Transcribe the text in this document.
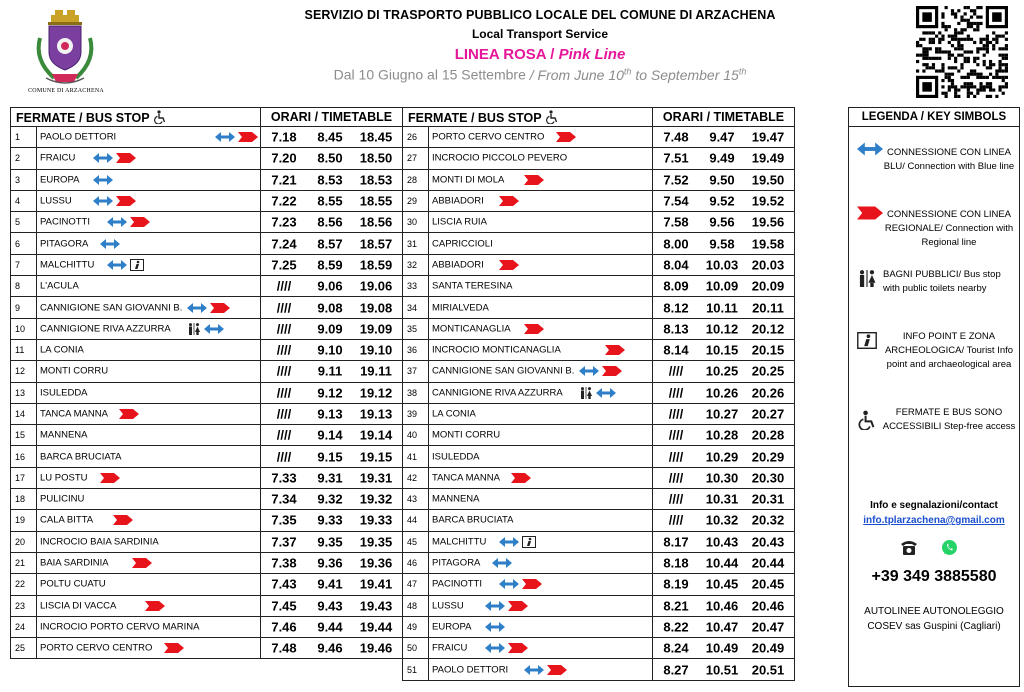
COMUNE DI ARZACHENA
SERVIZIO DI TRASPORTO PUBBLICO LOCALE DEL COMUNE DI ARZACHENA
Local Transport Service
LINEA ROSA / Pink Line
Dal 10 Giugno al 15 Settembre / From June 10th to September 15th
FERMATE / BUS STOP		ORARI / TIMETABLE	FERMATE / BUS STOP		ORARI / TIMETABLE
1	PAOLO DETTORI	7.18 8.45 18.45	26	PORTO CERVO CENTRO	7.48 9.47 19.47

2	FRAICU	7.20 8.50 18.50	27	INCROCIO PICCOLO PEVERO	7.51 9.49 19.49

3	EUROPA	7.21 8.53 18.53	28	MONTI DI MOLA	7.52 9.50 19.50

4	LUSSU	7.22 8.55 18.55	29	ABBIADORI	7.54 9.52 19.52

5	PACINOTTI	7.23 8.56 18.56	30	LISCIA RUIA	7.58 9.56 19.56

6	PITAGORA	7.24 8.57 18.57	31	CAPRICCIOLI	8.00 9.58 19.58

7	MALCHITTU	7.25 8.59 18.59	32	ABBIADORI	8.04 10.03 20.03

8	L'ACULA	//// 9.06 19.06	33	SANTA TERESINA	8.09 10.09 20.09

9	CANNIGIONE SAN GIOVANNI B.	//// 9.08 19.08	34	MIRIALVEDA	8.12 10.11 20.11

10	CANNIGIONE RIVA AZZURRA	//// 9.09 19.09	35	MONTICANAGLIA	8.13 10.12 20.12

11	LA CONIA	//// 9.10 19.10	36	INCROCIO MONTICANAGLIA	8.14 10.15 20.15

12	MONTI CORRU	//// 9.11 19.11	37	CANNIGIONE SAN GIOVANNI B.	//// 10.25 20.25

13	ISULEDDA	//// 9.12 19.12	38	CANNIGIONE RIVA AZZURRA	//// 10.26 20.26

14	TANCA MANNA	//// 9.13 19.13	39	LA CONIA	//// 10.27 20.27

15	MANNENA	//// 9.14 19.14	40	MONTI CORRU	//// 10.28 20.28

16	BARCA BRUCIATA	//// 9.15 19.15	41	ISULEDDA	//// 10.29 20.29

17	LU POSTU	7.33 9.31 19.31	42	TANCA MANNA	//// 10.30 20.30

18	PULICINU	7.34 9.32 19.32	43	MANNENA	//// 10.31 20.31

19	CALA BITTA	7.35 9.33 19.33	44	BARCA BRUCIATA	//// 10.32 20.32

20	INCROCIO BAIA SARDINIA	7.37 9.35 19.35	45	MALCHITTU	8.17 10.43 20.43

21	BAIA SARDINIA	7.38 9.36 19.36	46	PITAGORA	8.18 10.44 20.44

22	POLTU CUATU	7.43 9.41 19.41	47	PACINOTTI	8.19 10.45 20.45

23	LISCIA DI VACCA	7.45 9.43 19.43	48	LUSSU	8.21 10.46 20.46

24	INCROCIO PORTO CERVO MARINA	7.46 9.44 19.44	49	EUROPA	8.22 10.47 20.47

25	PORTO CERVO CENTRO	7.48 9.46 19.46	50	FRAICU	8.24 10.49 20.49

			51	PAOLO DETTORI	8.27 10.51 20.51
LEGENDA / KEY SIMBOLS
CONNESSIONE CON LINEA BLU/ Connection with Blue line
CONNESSIONE CON LINEA REGIONALE/ Connection with Regional line
BAGNI PUBBLICI/ Bus stop with public toilets nearby
INFO POINT E ZONA ARCHEOLOGICA/ Tourist Info point and archaeological area
FERMATE E BUS SONO ACCESSIBILI Step-free access
Info e segnalazioni/contact
info.tplarzachena@gmail.com
+39 349 3885580
AUTOLINEE AUTONOLEGGIO
COSEV sas Guspini (Cagliari)
